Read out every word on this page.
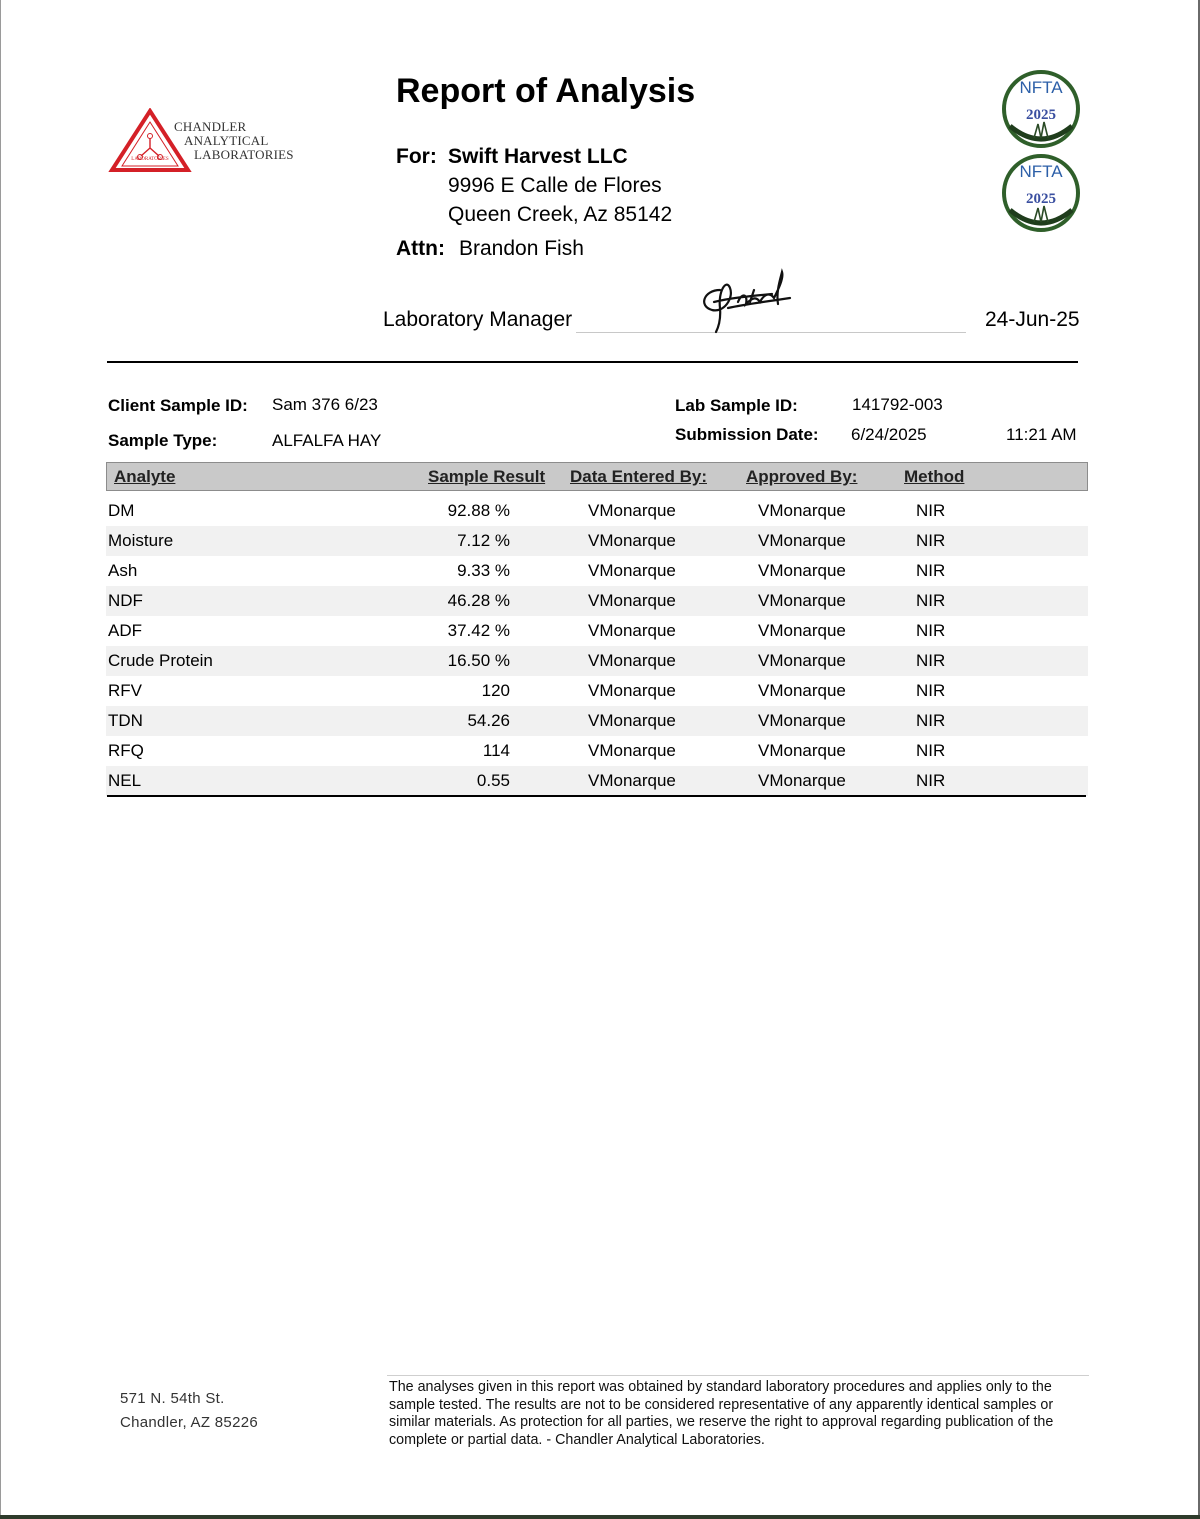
LABORATORIES
CHANDLER
ANALYTICAL
LABORATORIES
Report of Analysis
For: Swift Harvest LLC
9996 E Calle de Flores
Queen Creek, Az 85142
Attn: Brandon Fish
NFTA
2025
NFTA
2025
Laboratory Manager	24-Jun-25
Client Sample ID: Sam 376 6/23
Sample Type:	ALFALFA HAY
Lab Sample ID:	141792-003
Submission Date: 6/24/2025	11:21 AM
Analyte	Sample Result Data Entered By: Approved By:	Method
DM	92.88 %	VMonarque	VMonarque	NIR
Moisture	7.12 %	VMonarque	VMonarque	NIR
Ash	9.33 %	VMonarque	VMonarque	NIR
NDF	46.28 %	VMonarque	VMonarque	NIR
ADF	37.42 %	VMonarque	VMonarque	NIR
Crude Protein	16.50 %	VMonarque	VMonarque	NIR
RFV	120	VMonarque	VMonarque	NIR
TDN	54.26	VMonarque	VMonarque	NIR
RFQ	114	VMonarque	VMonarque	NIR
NEL	0.55	VMonarque	VMonarque	NIR
571 N. 54th St.
Chandler, AZ 85226
The analyses given in this report was obtained by standard laboratory procedures and applies only to the sample tested. The results are not to be considered representative of any apparently identical samples or similar materials. As protection for all parties, we reserve the right to approval regarding publication of the complete or partial data. - Chandler Analytical Laboratories.
